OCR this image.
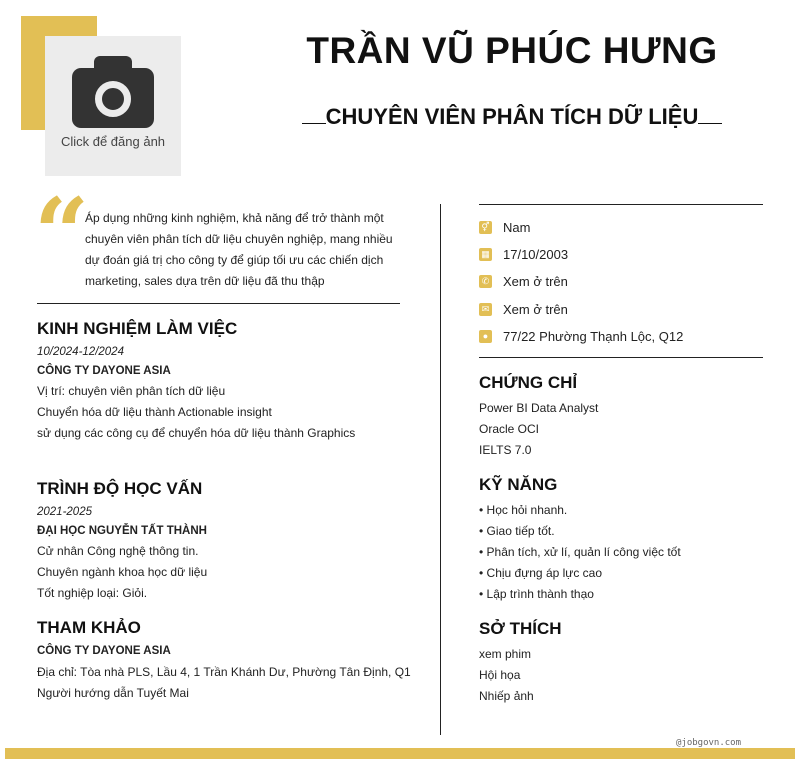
Click để đăng ảnh
TRẦN VŨ PHÚC HƯNG
CHUYÊN VIÊN PHÂN TÍCH DỮ LIỆU
“
Áp dụng những kinh nghiệm, khả năng để trở thành một chuyên viên phân tích dữ liệu chuyên nghiệp, mang nhiều dự đoán giá trị cho công ty để giúp tối ưu các chiến dịch marketing, sales dựa trên dữ liệu đã thu thập
KINH NGHIỆM LÀM VIỆC
10/2024-12/2024
CÔNG TY DAYONE ASIA
Vị trí: chuyên viên phân tích dữ liệu
Chuyển hóa dữ liệu thành Actionable insight
sử dụng các công cụ để chuyển hóa dữ liệu thành Graphics
TRÌNH ĐỘ HỌC VẤN
2021-2025
ĐẠI HỌC NGUYỄN TẤT THÀNH
Cử nhân Công nghệ thông tin.
Chuyên ngành khoa học dữ liệu
Tốt nghiệp loại: Giỏi.
THAM KHẢO
CÔNG TY DAYONE ASIA
Địa chỉ: Tòa nhà PLS, Lầu 4, 1 Trần Khánh Dư, Phường Tân Định, Q1
Người hướng dẫn Tuyết Mai
⚥ Nam
▦ 17/10/2003
✆ Xem ở trên
✉ Xem ở trên
● 77/22 Phường Thạnh Lộc, Q12
CHỨNG CHỈ
Power BI Data Analyst
Oracle OCI
IELTS 7.0
KỸ NĂNG
• Học hỏi nhanh.
• Giao tiếp tốt.
• Phân tích, xử lí, quản lí công việc tốt
• Chịu đựng áp lực cao
• Lập trình thành thạo
SỞ THÍCH
xem phim
Hội họa
Nhiếp ảnh
@jobgovn.com
